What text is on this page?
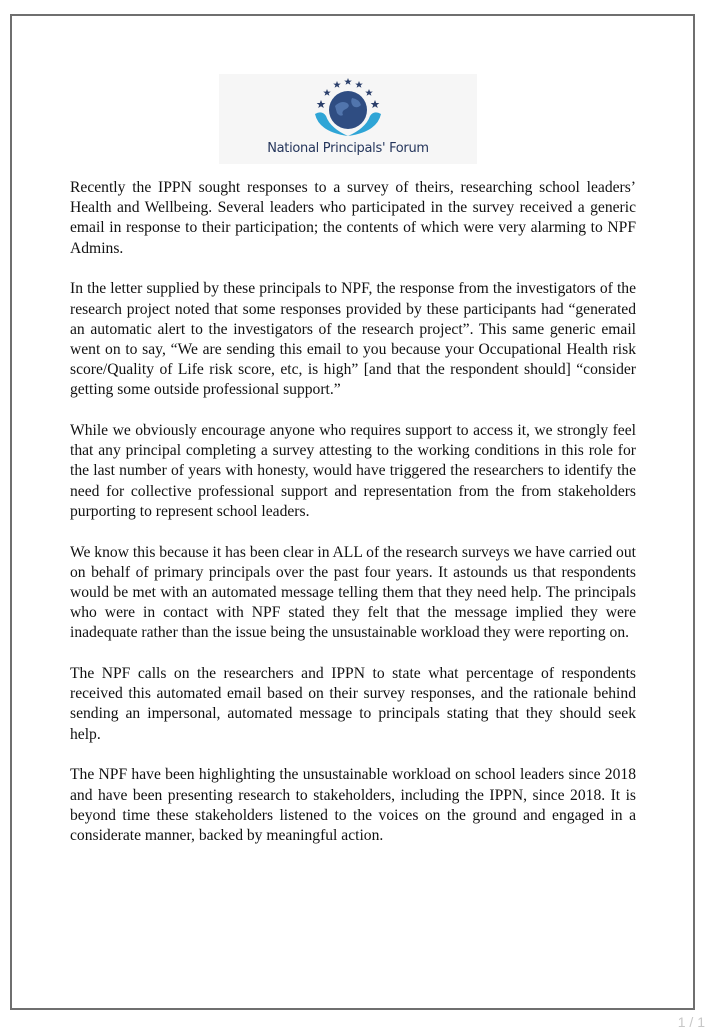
National Principals' Forum

Recently the IPPN sought responses to a survey of theirs, researching school leaders’ Health and Wellbeing. Several leaders who participated in the survey received a generic email in response to their participation; the contents of which were very alarming to NPF Admins.

In the letter supplied by these principals to NPF, the response from the investigators of the research project noted that some responses provided by these participants had “generated an automatic alert to the investigators of the research project”. This same generic email went on to say, “We are sending this email to you because your Occupational Health risk score/Quality of Life risk score, etc, is high” [and that the respondent should] “consider getting some outside professional support.”

While we obviously encourage anyone who requires support to access it, we strongly feel that any principal completing a survey attesting to the working conditions in this role for the last number of years with honesty, would have triggered the researchers to identify the need for collective professional support and representation from the from stakeholders purporting to represent school leaders.

We know this because it has been clear in ALL of the research surveys we have carried out on behalf of primary principals over the past four years. It astounds us that respondents would be met with an automated message telling them that they need help. The principals who were in contact with NPF stated they felt that the message implied they were inadequate rather than the issue being the unsustainable workload they were reporting on.

The NPF calls on the researchers and IPPN to state what percentage of respondents received this automated email based on their survey responses, and the rationale behind sending an impersonal, automated message to principals stating that they should seek help.

The NPF have been highlighting the unsustainable workload on school leaders since 2018 and have been presenting research to stakeholders, including the IPPN, since 2018. It is beyond time these stakeholders listened to the voices on the ground and engaged in a considerate manner, backed by meaningful action.

1 / 1
